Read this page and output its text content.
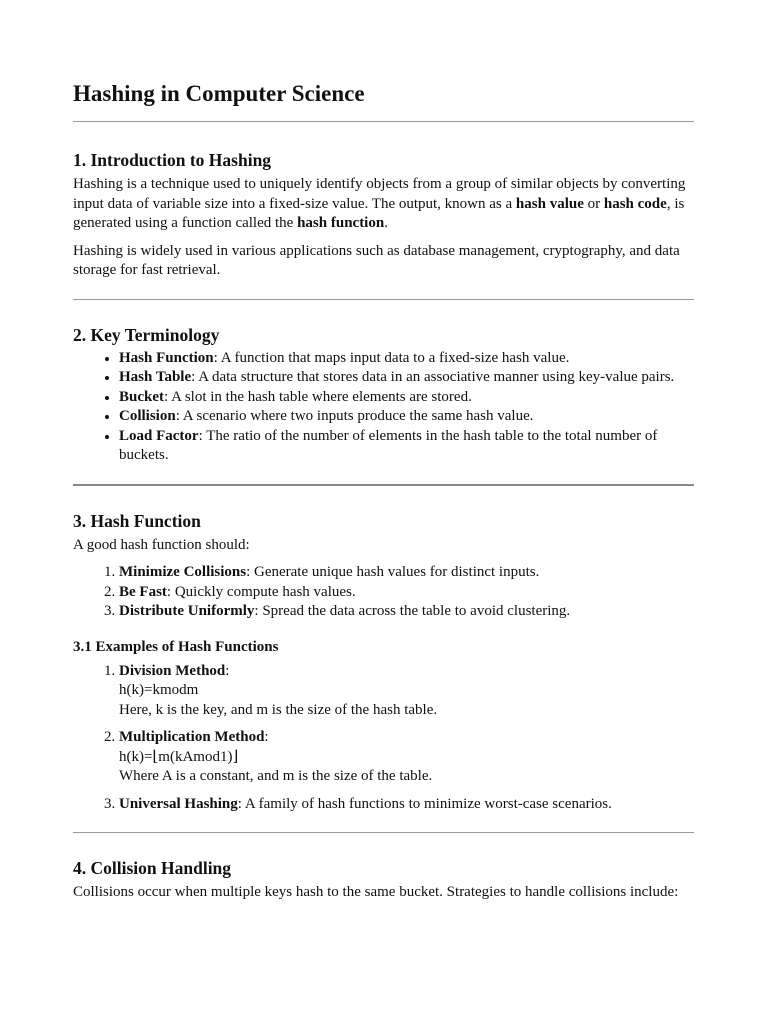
Hashing in Computer Science
1. Introduction to Hashing

Hashing is a technique used to uniquely identify objects from a group of similar objects by converting input data of variable size into a fixed-size value. The output, known as a hash value or hash code, is generated using a function called the hash function.

Hashing is widely used in various applications such as database management, cryptography, and data storage for fast retrieval.

2. Key Terminology
• Hash Function: A function that maps input data to a fixed-size hash value.
• Hash Table: A data structure that stores data in an associative manner using key-value pairs.
• Bucket: A slot in the hash table where elements are stored.
• Collision: A scenario where two inputs produce the same hash value.
• Load Factor: The ratio of the number of elements in the hash table to the total number of buckets.
3. Hash Function

A good hash function should:

1. Minimize Collisions: Generate unique hash values for distinct inputs.
2. Be Fast: Quickly compute hash values.
3. Distribute Uniformly: Spread the data across the table to avoid clustering.
3.1 Examples of Hash Functions
1. Division Method:
h(k)=kmodm
Here, k is the key, and m is the size of the hash table.
2. Multiplication Method:
h(k)=⌊m(kAmod1)⌋
Where A is a constant, and m is the size of the table.
3. Universal Hashing: A family of hash functions to minimize worst-case scenarios.
4. Collision Handling

Collisions occur when multiple keys hash to the same bucket. Strategies to handle collisions include:
